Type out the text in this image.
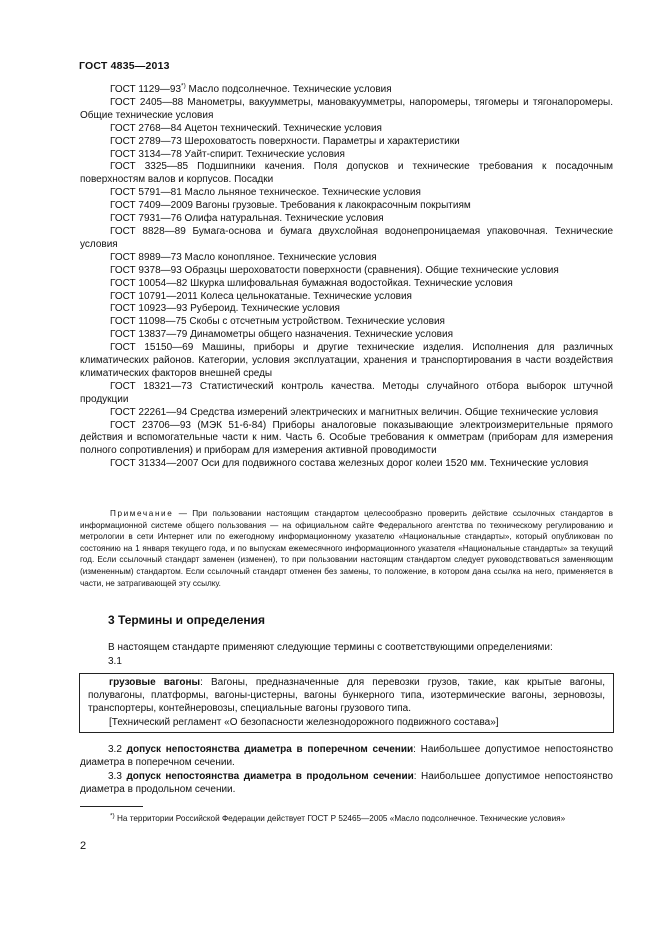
ГОСТ 4835—2013

ГОСТ 1129—93*) Масло подсолнечное. Технические условия

ГОСТ 2405—88 Манометры, вакуумметры, мановакуумметры, напоромеры, тягомеры и тягонапоромеры. Общие технические условия

ГОСТ 2768—84 Ацетон технический. Технические условия

ГОСТ 2789—73 Шероховатость поверхности. Параметры и характеристики

ГОСТ 3134—78 Уайт-спирит. Технические условия

ГОСТ 3325—85 Подшипники качения. Поля допусков и технические требования к посадочным поверхностям валов и корпусов. Посадки

ГОСТ 5791—81 Масло льняное техническое. Технические условия

ГОСТ 7409—2009 Вагоны грузовые. Требования к лакокрасочным покрытиям

ГОСТ 7931—76 Олифа натуральная. Технические условия

ГОСТ 8828—89 Бумага-основа и бумага двухслойная водонепроницаемая упаковочная. Технические условия

ГОСТ 8989—73 Масло конопляное. Технические условия

ГОСТ 9378—93 Образцы шероховатости поверхности (сравнения). Общие технические условия

ГОСТ 10054—82 Шкурка шлифовальная бумажная водостойкая. Технические условия

ГОСТ 10791—2011 Колеса цельнокатаные. Технические условия

ГОСТ 10923—93 Рубероид. Технические условия

ГОСТ 11098—75 Скобы с отсчетным устройством. Технические условия

ГОСТ 13837—79 Динамометры общего назначения. Технические условия

ГОСТ 15150—69 Машины, приборы и другие технические изделия. Исполнения для различных климатических районов. Категории, условия эксплуатации, хранения и транспортирования в части воздействия климатических факторов внешней среды

ГОСТ 18321—73 Статистический контроль качества. Методы случайного отбора выборок штучной продукции

ГОСТ 22261—94 Средства измерений электрических и магнитных величин. Общие технические условия

ГОСТ 23706—93 (МЭК 51-6-84) Приборы аналоговые показывающие электроизмерительные прямого действия и вспомогательные части к ним. Часть 6. Особые требования к омметрам (приборам для измерения полного сопротивления) и приборам для измерения активной проводимости

ГОСТ 31334—2007 Оси для подвижного состава железных дорог колеи 1520 мм. Технические условия

Примечание — При пользовании настоящим стандартом целесообразно проверить действие ссылочных стандартов в информационной системе общего пользования — на официальном сайте Федерального агентства по техническому регулированию и метрологии в сети Интернет или по ежегодному информационному указателю «Национальные стандарты», который опубликован по состоянию на 1 января текущего года, и по выпускам ежемесячного информационного указателя «Национальные стандарты» за текущий год. Если ссылочный стандарт заменен (изменен), то при пользовании настоящим стандартом следует руководствоваться заменяющим (измененным) стандартом. Если ссылочный стандарт отменен без замены, то положение, в котором дана ссылка на него, применяется в части, не затрагивающей эту ссылку.

3 Термины и определения

В настоящем стандарте применяют следующие термины с соответствующими определениями:

3.1

грузовые вагоны: Вагоны, предназначенные для перевозки грузов, такие, как крытые вагоны, полувагоны, платформы, вагоны-цистерны, вагоны бункерного типа, изотермические вагоны, зерновозы, транспортеры, контейнеровозы, специальные вагоны грузового типа.

[Технический регламент «О безопасности железнодорожного подвижного состава»]

3.2 допуск непостоянства диаметра в поперечном сечении: Наибольшее допустимое непостоянство диаметра в поперечном сечении.

3.3 допуск непостоянства диаметра в продольном сечении: Наибольшее допустимое непостоянство диаметра в продольном сечении.

*) На территории Российской Федерации действует ГОСТ Р 52465—2005 «Масло подсолнечное. Технические условия»

2
